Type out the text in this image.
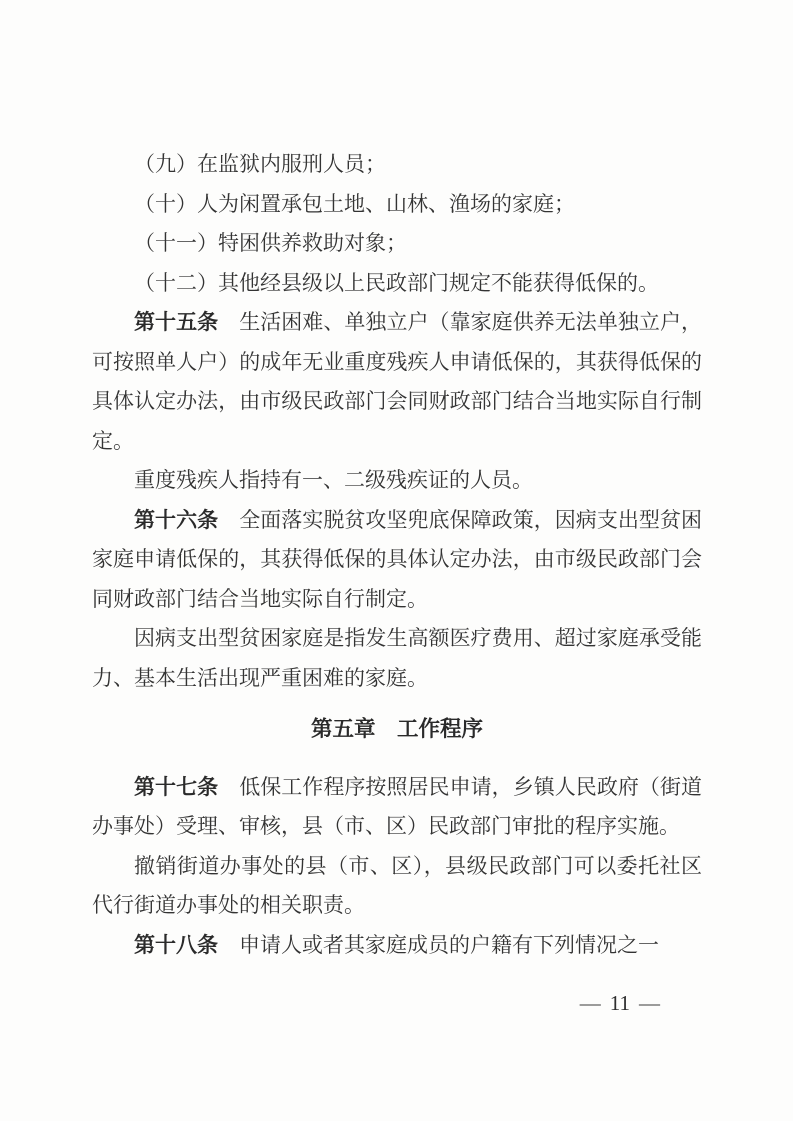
（九）在监狱内服刑人员；

（十）人为闲置承包土地、山林、渔场的家庭；

（十一）特困供养救助对象；

（十二）其他经县级以上民政部门规定不能获得低保的。

第十五条　生活困难、单独立户（靠家庭供养无法单独立户，可按照单人户）的成年无业重度残疾人申请低保的，其获得低保的具体认定办法，由市级民政部门会同财政部门结合当地实际自行制定。

重度残疾人指持有一、二级残疾证的人员。

第十六条　全面落实脱贫攻坚兜底保障政策，因病支出型贫困家庭申请低保的，其获得低保的具体认定办法，由市级民政部门会同财政部门结合当地实际自行制定。

因病支出型贫困家庭是指发生高额医疗费用、超过家庭承受能力、基本生活出现严重困难的家庭。

第五章　 工作程序

第十七条　低保工作程序按照居民申请，乡镇人民政府（街道办事处）受理、审核，县（市、区）民政部门审批的程序实施。

撤销街道办事处的县（市、区），县级民政部门可以委托社区代行街道办事处的相关职责。

第十八条　申请人或者其家庭成员的户籍有下列情况之一

— 11 —
